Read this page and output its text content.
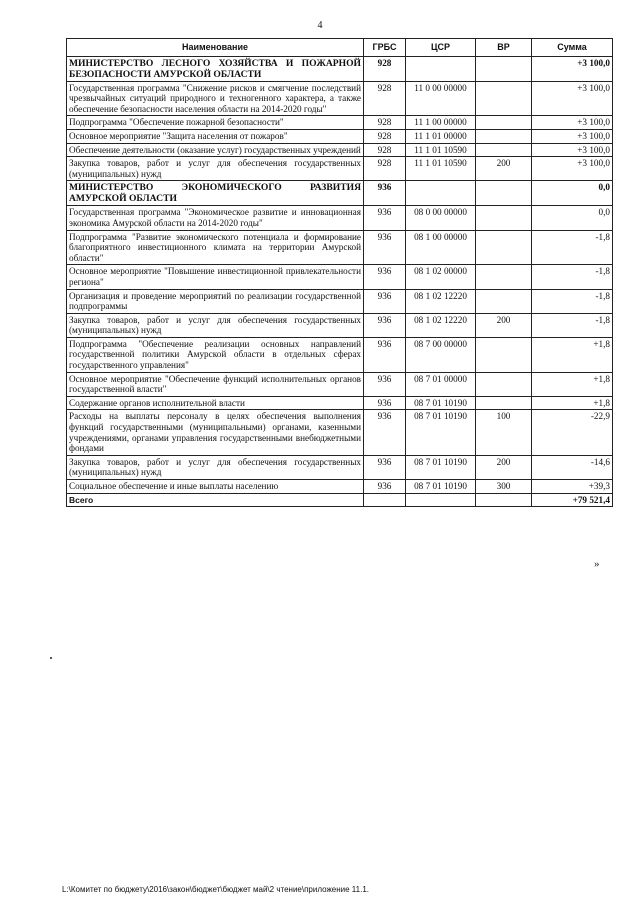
4
Наименование	ГРБС	ЦСР	ВР	Сумма
МИНИСТЕРСТВО ЛЕСНОГО ХОЗЯЙСТВА И ПОЖАРНОЙ БЕЗОПАСНОСТИ АМУРСКОЙ ОБЛАСТИ	928			+3 100,0
Государственная программа "Снижение рисков и смягчение последствий чрезвычайных ситуаций природного и техногенного характера, а также обеспечение безопасности населения области на 2014-2020 годы"	928	11 0 00 00000		+3 100,0
Подпрограмма "Обеспечение пожарной безопасности"	928	11 1 00 00000		+3 100,0
Основное мероприятие "Защита населения от пожаров"	928	11 1 01 00000		+3 100,0
Обеспечение деятельности (оказание услуг) государственных учреждений	928	11 1 01 10590		+3 100,0
Закупка товаров, работ и услуг для обеспечения государственных (муниципальных) нужд	928	11 1 01 10590	200	+3 100,0
МИНИСТЕРСТВО ЭКОНОМИЧЕСКОГО РАЗВИТИЯ АМУРСКОЙ ОБЛАСТИ	936			0,0
Государственная программа "Экономическое развитие и инновационная экономика Амурской области на 2014-2020 годы"	936	08 0 00 00000		0,0
Подпрограмма "Развитие экономического потенциала и формирование благоприятного инвестиционного климата на территории Амурской области"	936	08 1 00 00000		-1,8
Основное мероприятие "Повышение инвестиционной привлекательности региона"	936	08 1 02 00000		-1,8
Организация и проведение мероприятий по реализации государственной подпрограммы	936	08 1 02 12220		-1,8
Закупка товаров, работ и услуг для обеспечения государственных (муниципальных) нужд	936	08 1 02 12220	200	-1,8
Подпрограмма "Обеспечение реализации основных направлений государственной политики Амурской области в отдельных сферах государственного управления"	936	08 7 00 00000		+1,8
Основное мероприятие "Обеспечение функций исполнительных органов государственной власти"	936	08 7 01 00000		+1,8
Содержание органов исполнительной власти	936	08 7 01 10190		+1,8
Расходы на выплаты персоналу в целях обеспечения выполнения функций государственными (муниципальными) органами, казенными учреждениями, органами управления государственными внебюджетными фондами	936	08 7 01 10190	100	-22,9
Закупка товаров, работ и услуг для обеспечения государственных (муниципальных) нужд	936	08 7 01 10190	200	-14,6
Социальное обеспечение и иные выплаты населению	936	08 7 01 10190	300	+39,3
Всего				+79 521,4
»
L:\Комитет по бюджету\2016\закон\бюджет\бюджет май\2 чтение\приложение 11.1.
